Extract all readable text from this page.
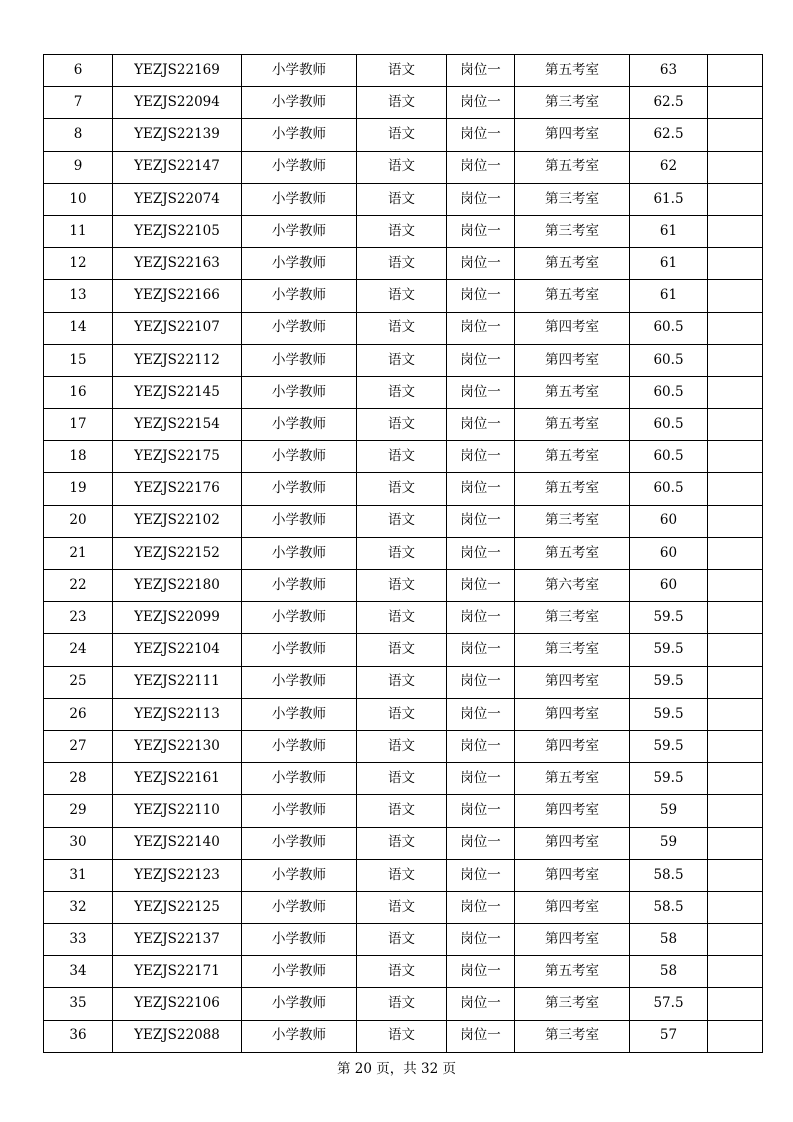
6	YEZJS22169	小学教师	语文	岗位一	第五考室	63	
7	YEZJS22094	小学教师	语文	岗位一	第三考室	62.5	
8	YEZJS22139	小学教师	语文	岗位一	第四考室	62.5	
9	YEZJS22147	小学教师	语文	岗位一	第五考室	62	
10	YEZJS22074	小学教师	语文	岗位一	第三考室	61.5	
11	YEZJS22105	小学教师	语文	岗位一	第三考室	61	
12	YEZJS22163	小学教师	语文	岗位一	第五考室	61	
13	YEZJS22166	小学教师	语文	岗位一	第五考室	61	
14	YEZJS22107	小学教师	语文	岗位一	第四考室	60.5	
15	YEZJS22112	小学教师	语文	岗位一	第四考室	60.5	
16	YEZJS22145	小学教师	语文	岗位一	第五考室	60.5	
17	YEZJS22154	小学教师	语文	岗位一	第五考室	60.5	
18	YEZJS22175	小学教师	语文	岗位一	第五考室	60.5	
19	YEZJS22176	小学教师	语文	岗位一	第五考室	60.5	
20	YEZJS22102	小学教师	语文	岗位一	第三考室	60	
21	YEZJS22152	小学教师	语文	岗位一	第五考室	60	
22	YEZJS22180	小学教师	语文	岗位一	第六考室	60	
23	YEZJS22099	小学教师	语文	岗位一	第三考室	59.5	
24	YEZJS22104	小学教师	语文	岗位一	第三考室	59.5	
25	YEZJS22111	小学教师	语文	岗位一	第四考室	59.5	
26	YEZJS22113	小学教师	语文	岗位一	第四考室	59.5	
27	YEZJS22130	小学教师	语文	岗位一	第四考室	59.5	
28	YEZJS22161	小学教师	语文	岗位一	第五考室	59.5	
29	YEZJS22110	小学教师	语文	岗位一	第四考室	59	
30	YEZJS22140	小学教师	语文	岗位一	第四考室	59	
31	YEZJS22123	小学教师	语文	岗位一	第四考室	58.5	
32	YEZJS22125	小学教师	语文	岗位一	第四考室	58.5	
33	YEZJS22137	小学教师	语文	岗位一	第四考室	58	
34	YEZJS22171	小学教师	语文	岗位一	第五考室	58	
35	YEZJS22106	小学教师	语文	岗位一	第三考室	57.5	
36	YEZJS22088	小学教师	语文	岗位一	第三考室	57	
第 20 页，共 32 页
